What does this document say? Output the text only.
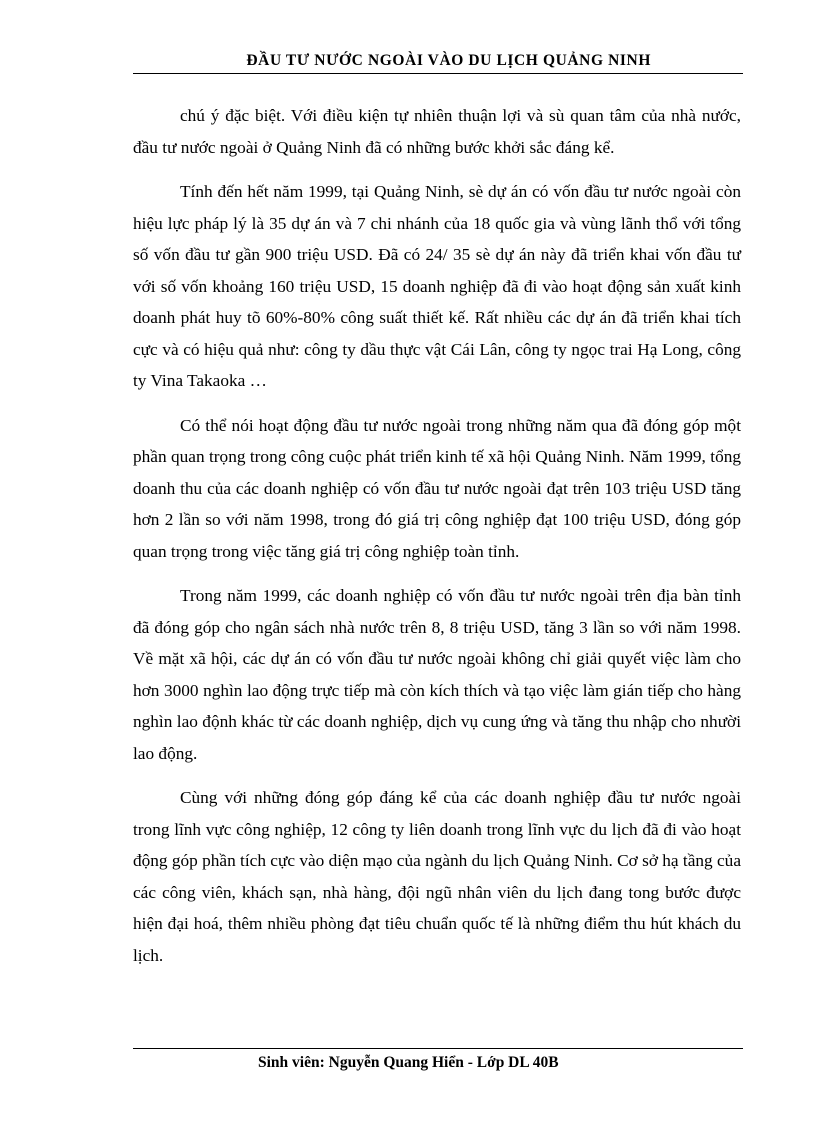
ĐẦU TƯ NƯỚC NGOÀI VÀO DU LỊCH QUẢNG NINH

chú ý đặc biệt. Với điều kiện tự nhiên thuận lợi và sù quan tâm của nhà nước, đầu tư nước ngoài ở Quảng Ninh đã có những bước khởi sắc đáng kể.

Tính đến hết năm 1999, tại Quảng Ninh, sè dự án có vốn đầu tư nước ngoài còn hiệu lực pháp lý là 35 dự án và 7 chi nhánh của 18 quốc gia và vùng lãnh thổ với tổng số vốn đầu tư gần 900 triệu USD. Đã có 24/ 35 sè dự án này đã triển khai vốn đầu tư với số vốn khoảng 160 triệu USD, 15 doanh nghiệp đã đi vào hoạt động sản xuất kinh doanh phát huy tõ 60%-80% công suất thiết kế. Rất nhiều các dự án đã triển khai tích cực và có hiệu quả như: công ty dầu thực vật Cái Lân, công ty ngọc trai Hạ Long, công ty Vina Takaoka …

Có thể nói hoạt động đầu tư nước ngoài trong những năm qua đã đóng góp một phần quan trọng trong công cuộc phát triển kinh tế xã hội Quảng Ninh. Năm 1999, tổng doanh thu của các doanh nghiệp có vốn đầu tư nước ngoài đạt trên 103 triệu USD tăng hơn 2 lần so với năm 1998, trong đó giá trị công nghiệp đạt 100 triệu USD, đóng góp quan trọng trong việc tăng giá trị công nghiệp toàn tỉnh.

Trong năm 1999, các doanh nghiệp có vốn đầu tư nước ngoài trên địa bàn tỉnh đã đóng góp cho ngân sách nhà nước trên 8, 8 triệu USD, tăng 3 lần so với năm 1998. Về mặt xã hội, các dự án có vốn đầu tư nước ngoài không chỉ giải quyết việc làm cho hơn 3000 nghìn lao động trực tiếp mà còn kích thích và tạo việc làm gián tiếp cho hàng nghìn lao độnh khác từ các doanh nghiệp, dịch vụ cung ứng và tăng thu nhập cho nhười lao động.

Cùng với những đóng góp đáng kể của các doanh nghiệp đầu tư nước ngoài trong lĩnh vực công nghiệp, 12 công ty liên doanh trong lĩnh vực du lịch đã đi vào hoạt động góp phần tích cực vào diện mạo của ngành du lịch Quảng Ninh. Cơ sở hạ tầng của các công viên, khách sạn, nhà hàng, đội ngũ nhân viên du lịch đang tong bước được hiện đại hoá, thêm nhiều phòng đạt tiêu chuẩn quốc tế là những điểm thu hút khách du lịch.

Sinh viên: Nguyễn Quang Hiển - Lớp DL 40B
